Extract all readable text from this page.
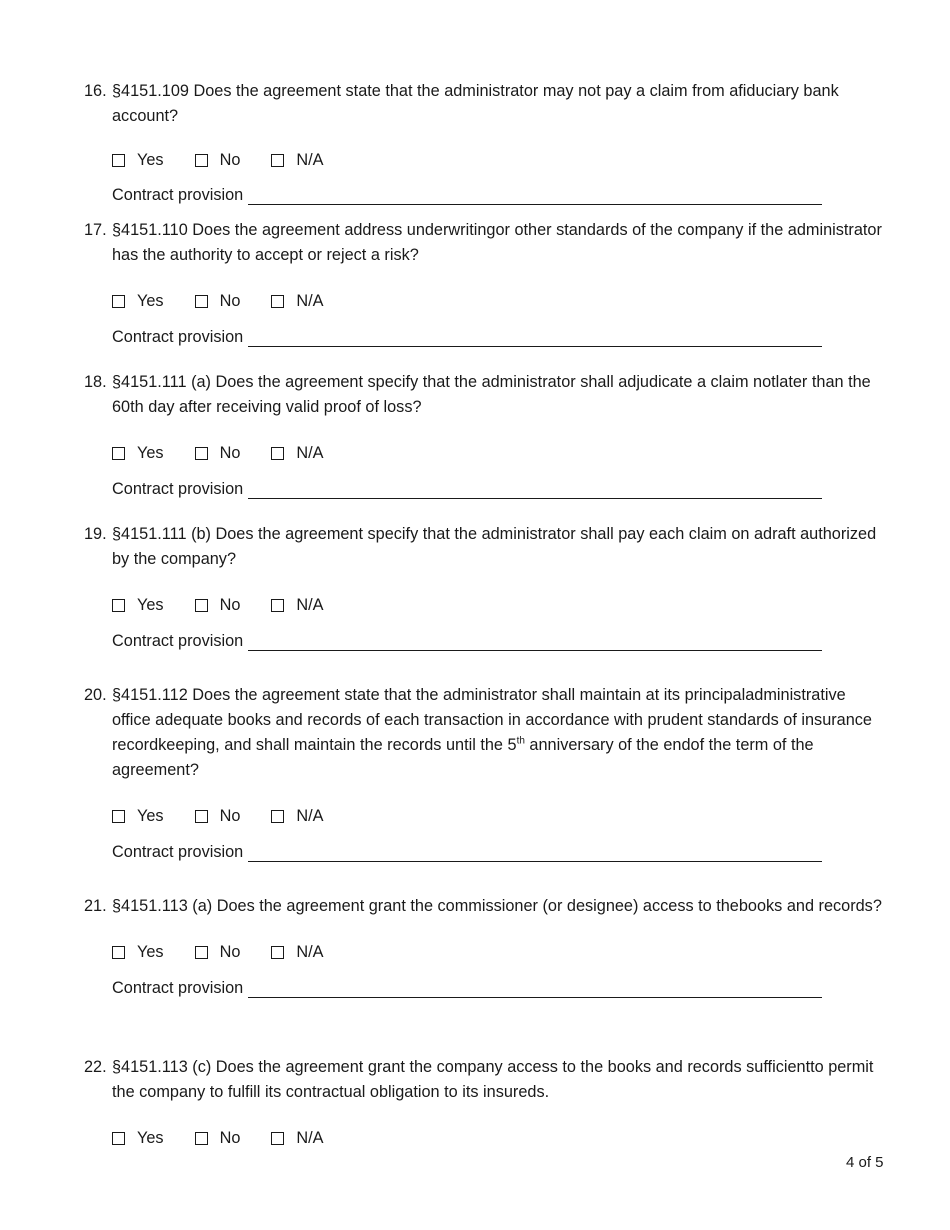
16. §4151.109 Does the agreement state that the administrator may not pay a claim from afiduciary bank account?
Yes	No	N/A
Contract provision
17. §4151.110 Does the agreement address underwritingor other standards of the company if the administrator has the authority to accept or reject a risk?
Yes	No	N/A
Contract provision
18. §4151.111 (a) Does the agreement specify that the administrator shall adjudicate a claim notlater than the 60th day after receiving valid proof of loss?
Yes	No	N/A
Contract provision
19. §4151.111 (b) Does the agreement specify that the administrator shall pay each claim on adraft authorized by the company?
Yes	No	N/A
Contract provision
20. §4151.112 Does the agreement state that the administrator shall maintain at its principaladministrative office adequate books and records of each transaction in accordance with prudent standards of insurance recordkeeping, and shall maintain the records until the 5th anniversary of the endof the term of the agreement?
Yes	No	N/A
Contract provision
21. §4151.113 (a) Does the agreement grant the commissioner (or designee) access to thebooks and records?
Yes	No	N/A
Contract provision
22. §4151.113 (c) Does the agreement grant the company access to the books and records sufficientto permit the company to fulfill its contractual obligation to its insureds.
Yes	No	N/A
4 of 5
